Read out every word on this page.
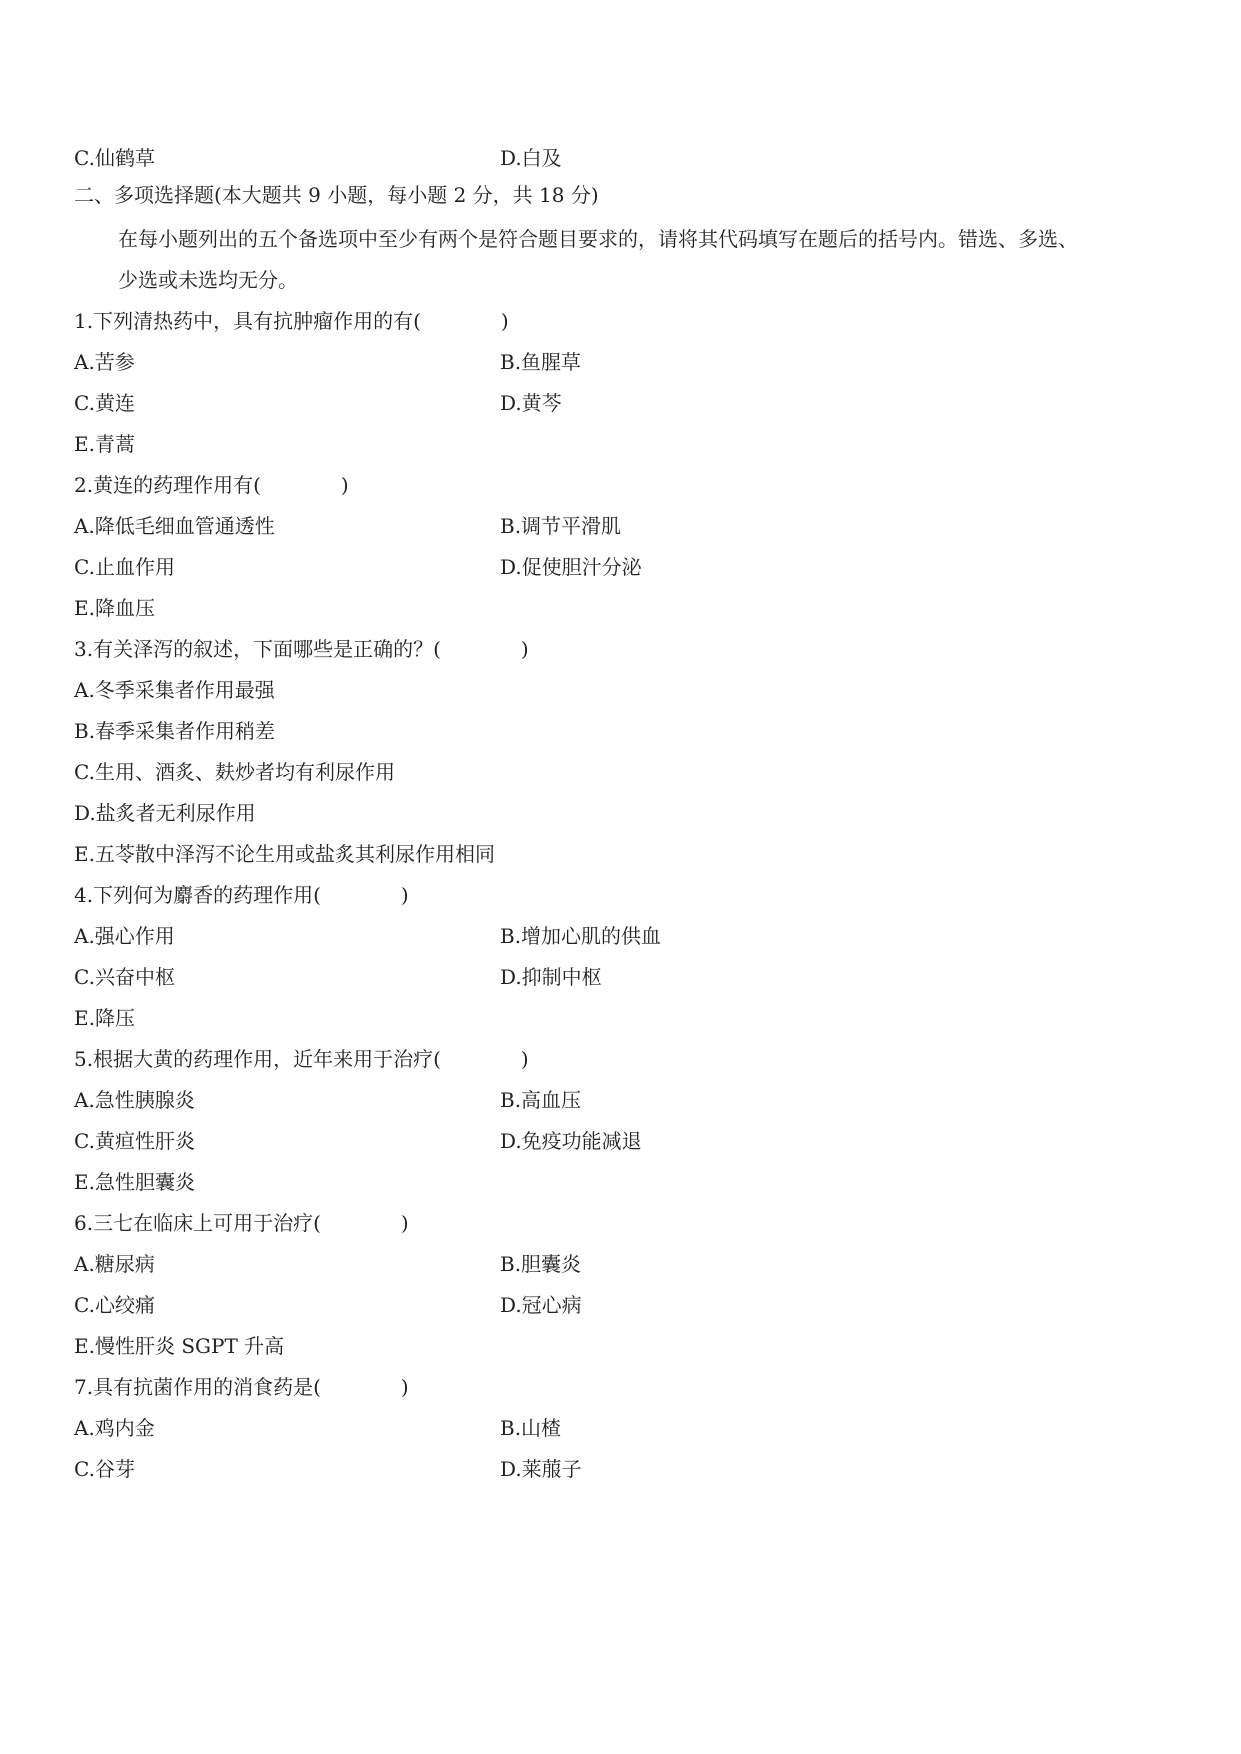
C.仙鹤草	D.白及
二、多项选择题(本大题共 9 小题，每小题 2 分，共 18 分)
在每小题列出的五个备选项中至少有两个是符合题目要求的，请将其代码填写在题后的括号内。错选、多选、
少选或未选均无分。
1.下列清热药中，具有抗肿瘤作用的有(	)
A.苦参	B.鱼腥草
C.黄连	D.黄芩
E.青蒿
2.黄连的药理作用有(	)
A.降低毛细血管通透性	B.调节平滑肌
C.止血作用	D.促使胆汁分泌
E.降血压
3.有关泽泻的叙述，下面哪些是正确的？(	)
A.冬季采集者作用最强
B.春季采集者作用稍差
C.生用、酒炙、麸炒者均有利尿作用
D.盐炙者无利尿作用
E.五苓散中泽泻不论生用或盐炙其利尿作用相同
4.下列何为麝香的药理作用(	)
A.强心作用	B.增加心肌的供血
C.兴奋中枢	D.抑制中枢
E.降压
5.根据大黄的药理作用，近年来用于治疗(	)
A.急性胰腺炎	B.高血压
C.黄疸性肝炎	D.免疫功能减退
E.急性胆囊炎
6.三七在临床上可用于治疗(	)
A.糖尿病	B.胆囊炎
C.心绞痛	D.冠心病
E.慢性肝炎 SGPT 升高
7.具有抗菌作用的消食药是(	)
A.鸡内金	B.山楂
C.谷芽	D.莱菔子
